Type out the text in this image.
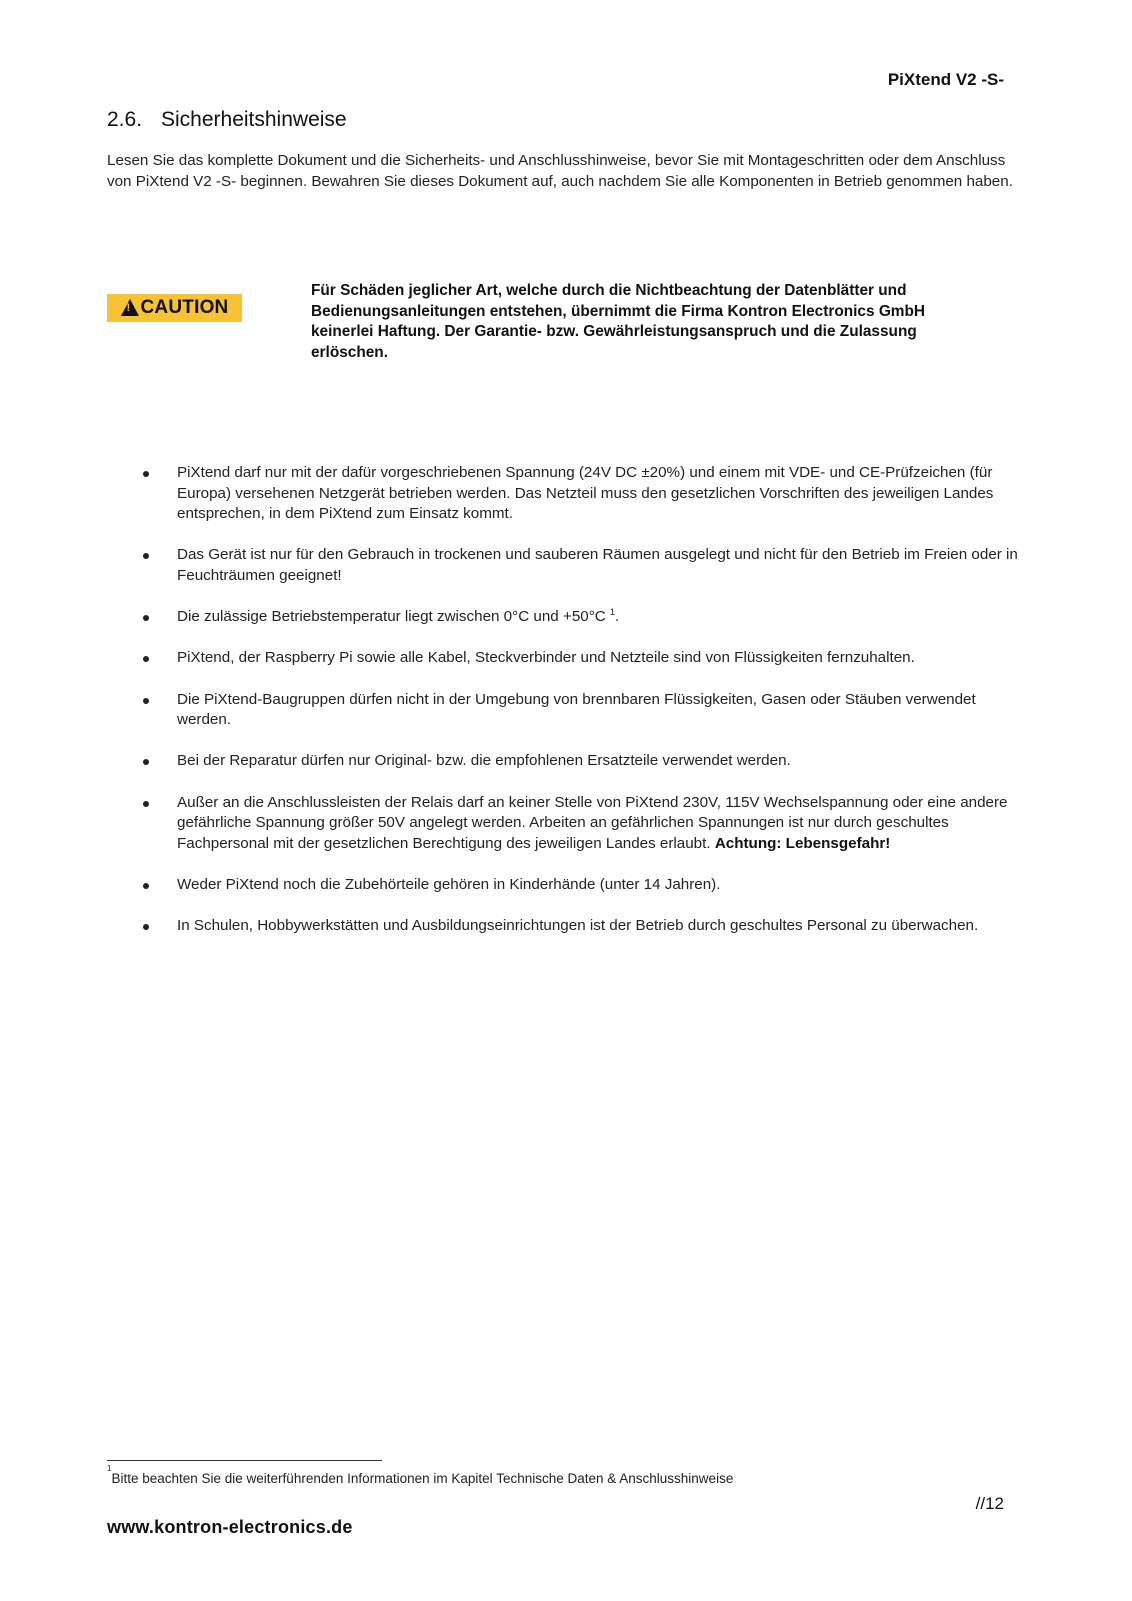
PiXtend V2 -S-
2.6. Sicherheitshinweise

Lesen Sie das komplette Dokument und die Sicherheits- und Anschlusshinweise, bevor Sie mit Montageschritten oder dem Anschluss von PiXtend V2 -S- beginnen. Bewahren Sie dieses Dokument auf, auch nachdem Sie alle Komponenten in Betrieb genommen haben.

!
CAUTION

Für Schäden jeglicher Art, welche durch die Nichtbeachtung der Datenblätter und Bedienungsanleitungen entstehen, übernimmt die Firma Kontron Electronics GmbH keinerlei Haftung. Der Garantie- bzw. Gewährleistungsanspruch und die Zulassung erlöschen.

PiXtend darf nur mit der dafür vorgeschriebenen Spannung (24V DC ±20%) und einem mit VDE- und CE-Prüfzeichen (für Europa) versehenen Netzgerät betrieben werden. Das Netzteil muss den gesetzlichen Vorschriften des jeweiligen Landes entsprechen, in dem PiXtend zum Einsatz kommt.
Das Gerät ist nur für den Gebrauch in trockenen und sauberen Räumen ausgelegt und nicht für den Betrieb im Freien oder in Feuchträumen geeignet!
Die zulässige Betriebstemperatur liegt zwischen 0°C und +50°C $^1$.
PiXtend, der Raspberry Pi sowie alle Kabel, Steckverbinder und Netzteile sind von Flüssigkeiten fernzuhalten.
Die PiXtend-Baugruppen dürfen nicht in der Umgebung von brennbaren Flüssigkeiten, Gasen oder Stäuben verwendet werden.
Bei der Reparatur dürfen nur Original- bzw. die empfohlenen Ersatzteile verwendet werden.
Außer an die Anschlussleisten der Relais darf an keiner Stelle von PiXtend 230V, 115V Wechselspannung oder eine andere gefährliche Spannung größer 50V angelegt werden. Arbeiten an gefährlichen Spannungen ist nur durch geschultes Fachpersonal mit der gesetzlichen Berechtigung des jeweiligen Landes erlaubt. Achtung: Lebensgefahr!
Weder PiXtend noch die Zubehörteile gehören in Kinderhände (unter 14 Jahren).
In Schulen, Hobbywerkstätten und Ausbildungseinrichtungen ist der Betrieb durch geschultes Personal zu überwachen.
$^1$Bitte beachten Sie die weiterführenden Informationen im Kapitel Technische Daten & Anschlusshinweise
//12
www.kontron-electronics.de
